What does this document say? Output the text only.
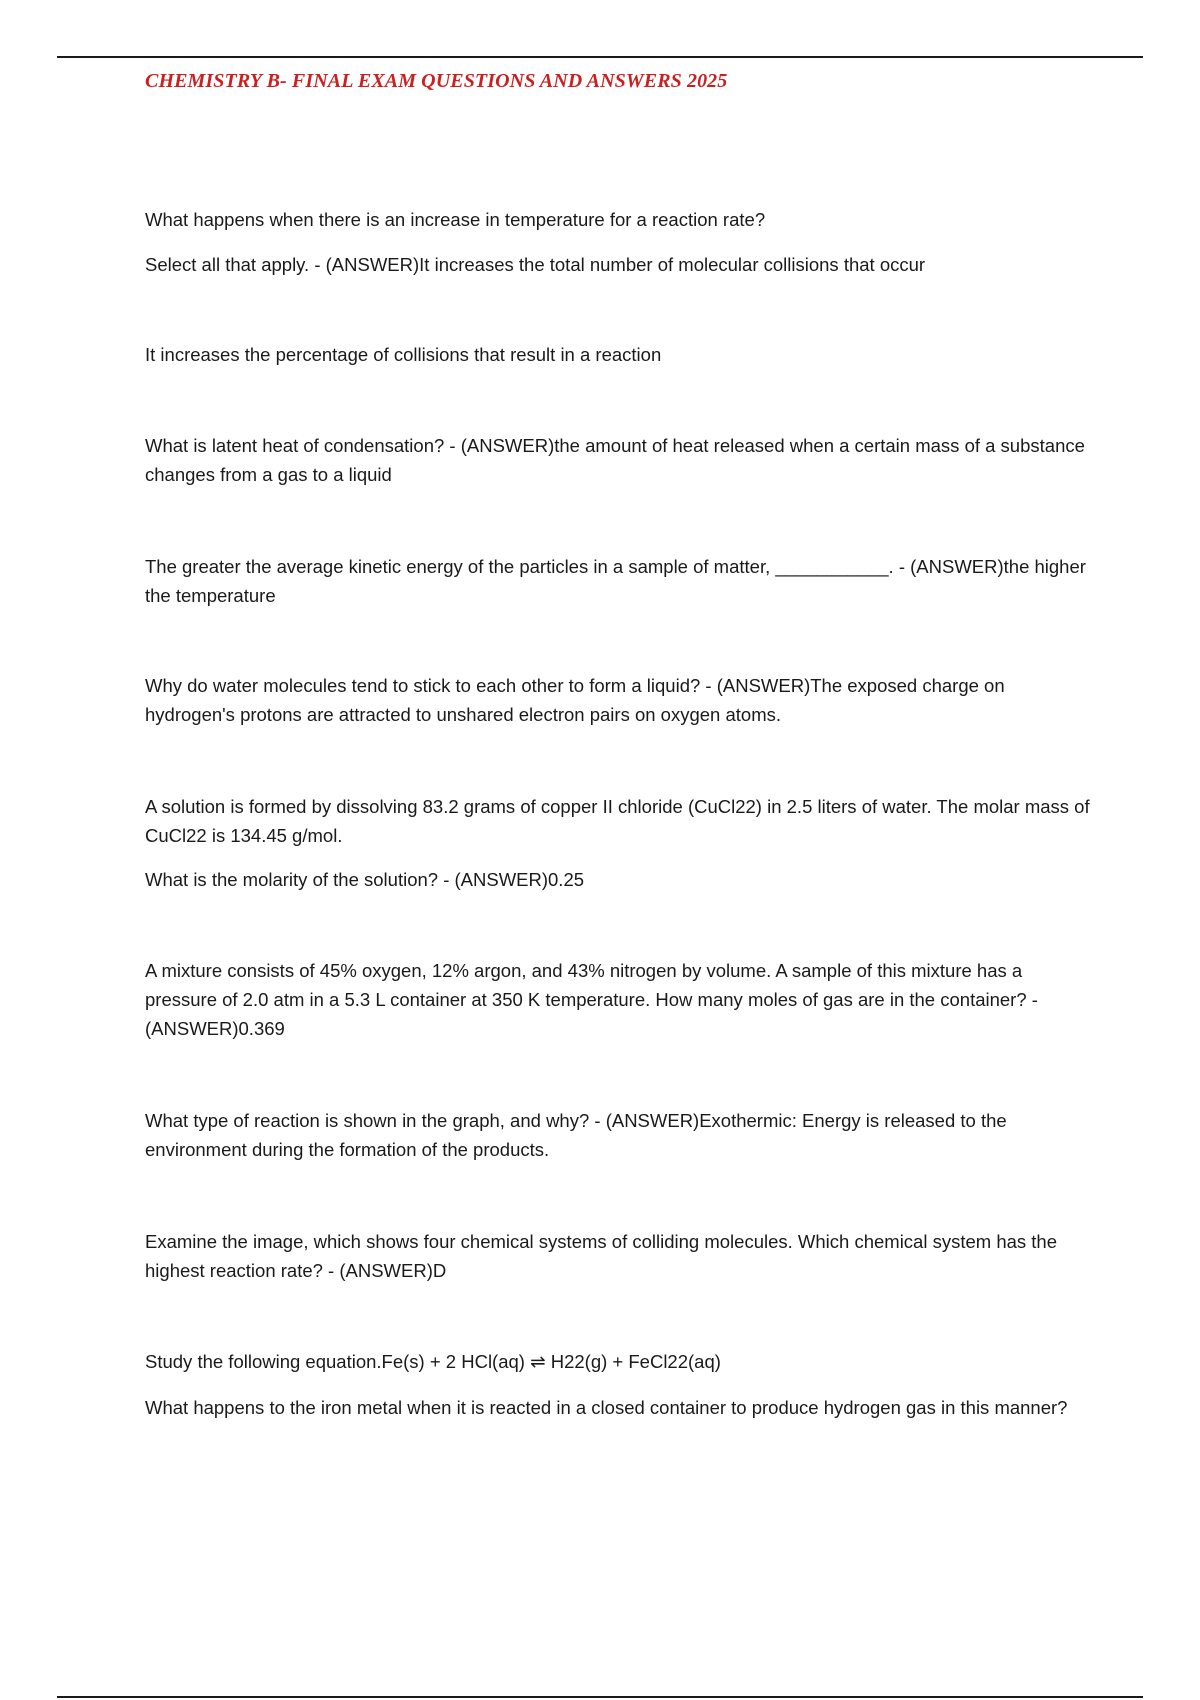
CHEMISTRY B- FINAL EXAM QUESTIONS AND ANSWERS 2025

What happens when there is an increase in temperature for a reaction rate?

Select all that apply. - (ANSWER)It increases the total number of molecular collisions that occur

It increases the percentage of collisions that result in a reaction

What is latent heat of condensation? - (ANSWER)the amount of heat released when a certain mass of a substance changes from a gas to a liquid

The greater the average kinetic energy of the particles in a sample of matter, ___________. - (ANSWER)the higher the temperature

Why do water molecules tend to stick to each other to form a liquid? - (ANSWER)The exposed charge on hydrogen's protons are attracted to unshared electron pairs on oxygen atoms.

A solution is formed by dissolving 83.2 grams of copper II chloride (CuCl22) in 2.5 liters of water. The molar mass of CuCl22 is 134.45 g/mol.

What is the molarity of the solution? - (ANSWER)0.25

A mixture consists of 45% oxygen, 12% argon, and 43% nitrogen by volume. A sample of this mixture has a pressure of 2.0 atm in a 5.3 L container at 350 K temperature. How many moles of gas are in the container? - (ANSWER)0.369

What type of reaction is shown in the graph, and why? - (ANSWER)Exothermic: Energy is released to the environment during the formation of the products.

Examine the image, which shows four chemical systems of colliding molecules. Which chemical system has the highest reaction rate? - (ANSWER)D

Study the following equation.Fe(s) + 2 HCl(aq) ⇌ H22(g) + FeCl22(aq)

What happens to the iron metal when it is reacted in a closed container to produce hydrogen gas in this manner?
